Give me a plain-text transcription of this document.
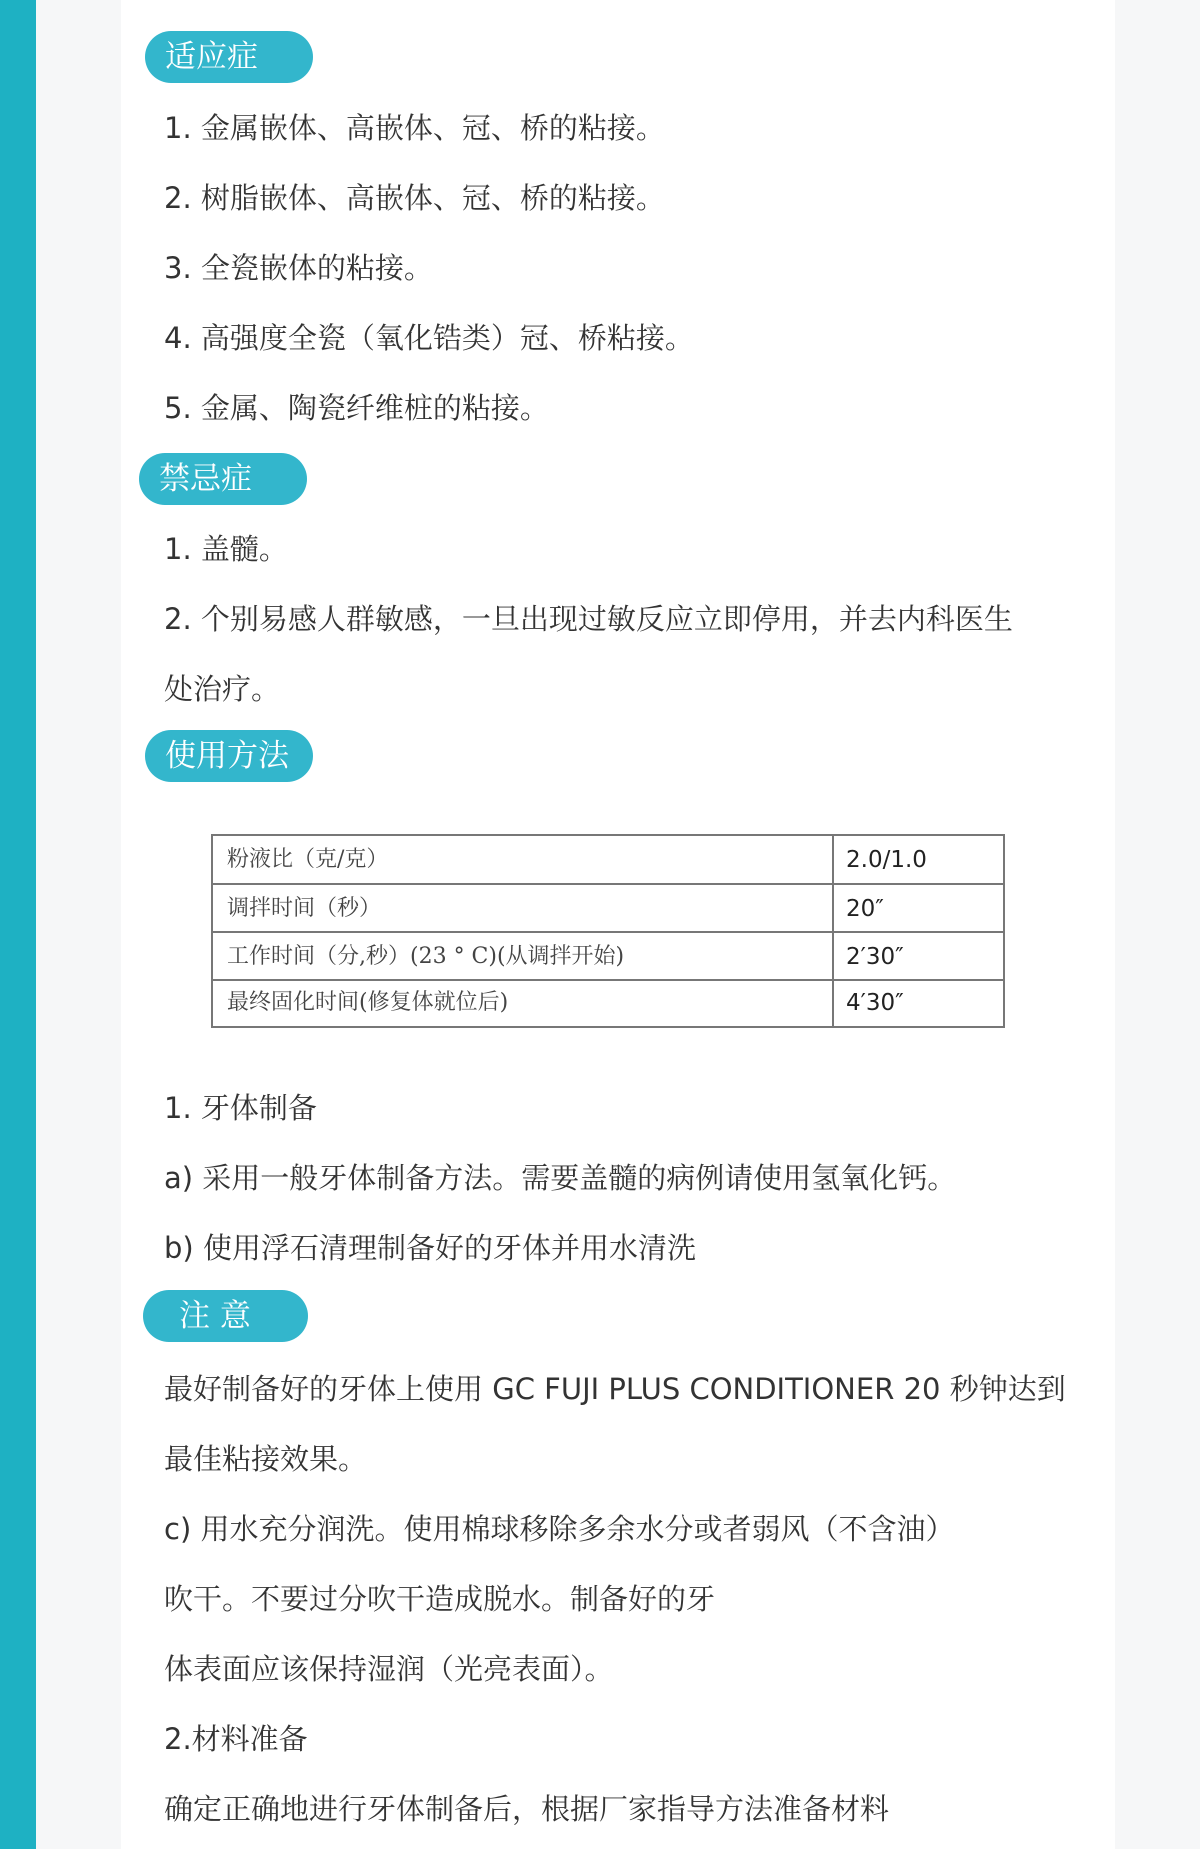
适应症
1. 金属嵌体、高嵌体、冠、桥的粘接。
2. 树脂嵌体、高嵌体、冠、桥的粘接。
3. 全瓷嵌体的粘接。
4. 高强度全瓷（氧化锆类）冠、桥粘接。
5. 金属、陶瓷纤维桩的粘接。
禁忌症
1. 盖髓。
2. 个别易感人群敏感，一旦出现过敏反应立即停用，并去内科医生
处治疗。
使用方法
粉液比（克/克）	2.0/1.0
调拌时间（秒）	20″
工作时间（分,秒）(23 ° C)(从调拌开始)	2′30″
最终固化时间(修复体就位后)	4′30″
1. 牙体制备
a) 采用一般牙体制备方法。需要盖髓的病例请使用氢氧化钙。
b) 使用浮石清理制备好的牙体并用水清洗
注 意
最好制备好的牙体上使用 GC FUJI PLUS CONDITIONER 20 秒钟达到
最佳粘接效果。
c) 用水充分润洗。使用棉球移除多余水分或者弱风（不含油）
吹干。不要过分吹干造成脱水。制备好的牙
体表面应该保持湿润（光亮表面）。
2.材料准备
确定正确地进行牙体制备后，根据厂家指导方法准备材料
